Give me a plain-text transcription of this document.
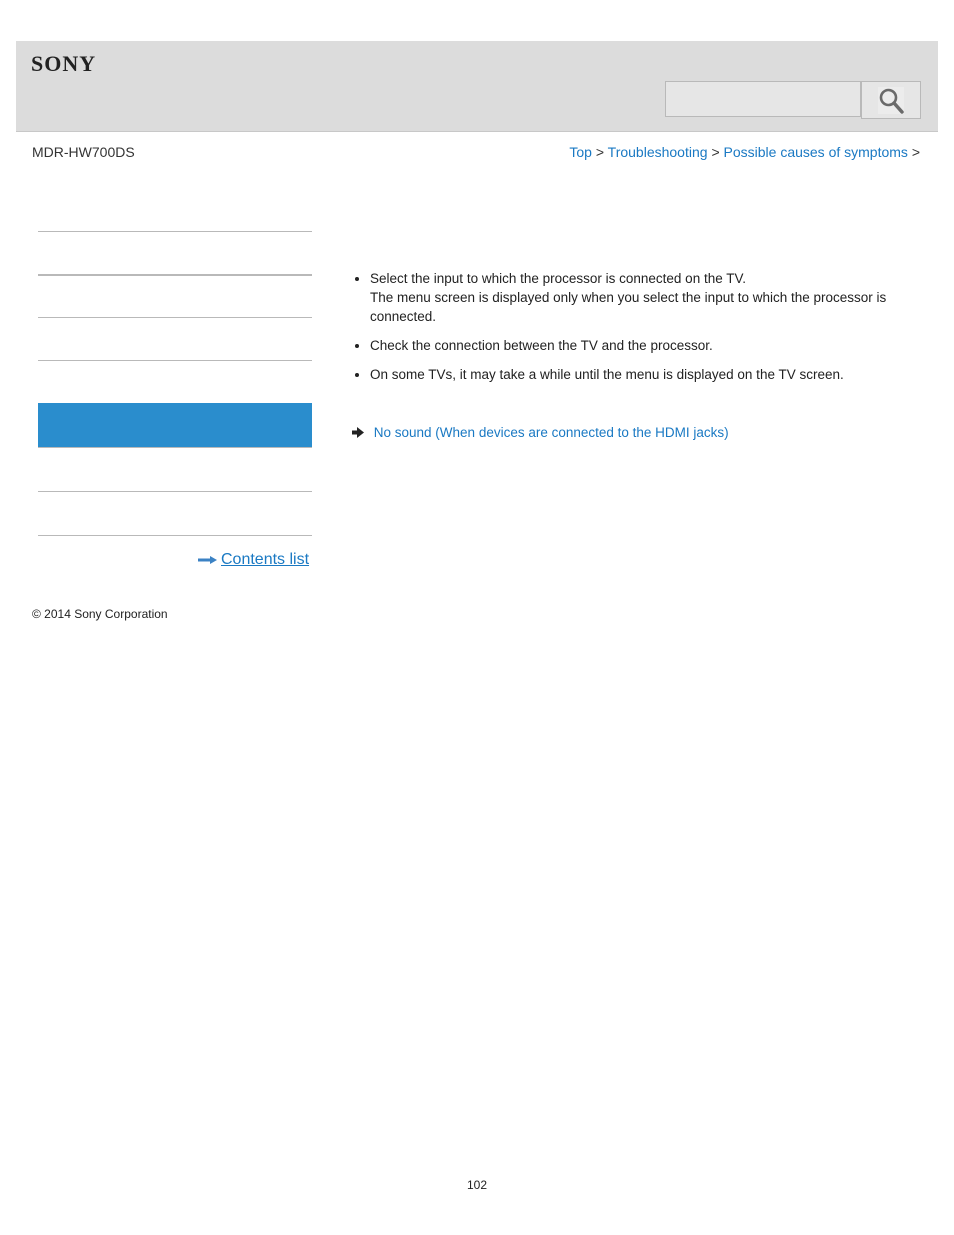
SONY
MDR-HW700DS	Top > Troubleshooting > Possible causes of symptoms >
Contents list
© 2014 Sony Corporation
Select the input to which the processor is connected on the TV.
The menu screen is displayed only when you select the input to which the processor is connected.
Check the connection between the TV and the processor.
On some TVs, it may take a while until the menu is displayed on the TV screen.
No sound (When devices are connected to the HDMI jacks)
102
